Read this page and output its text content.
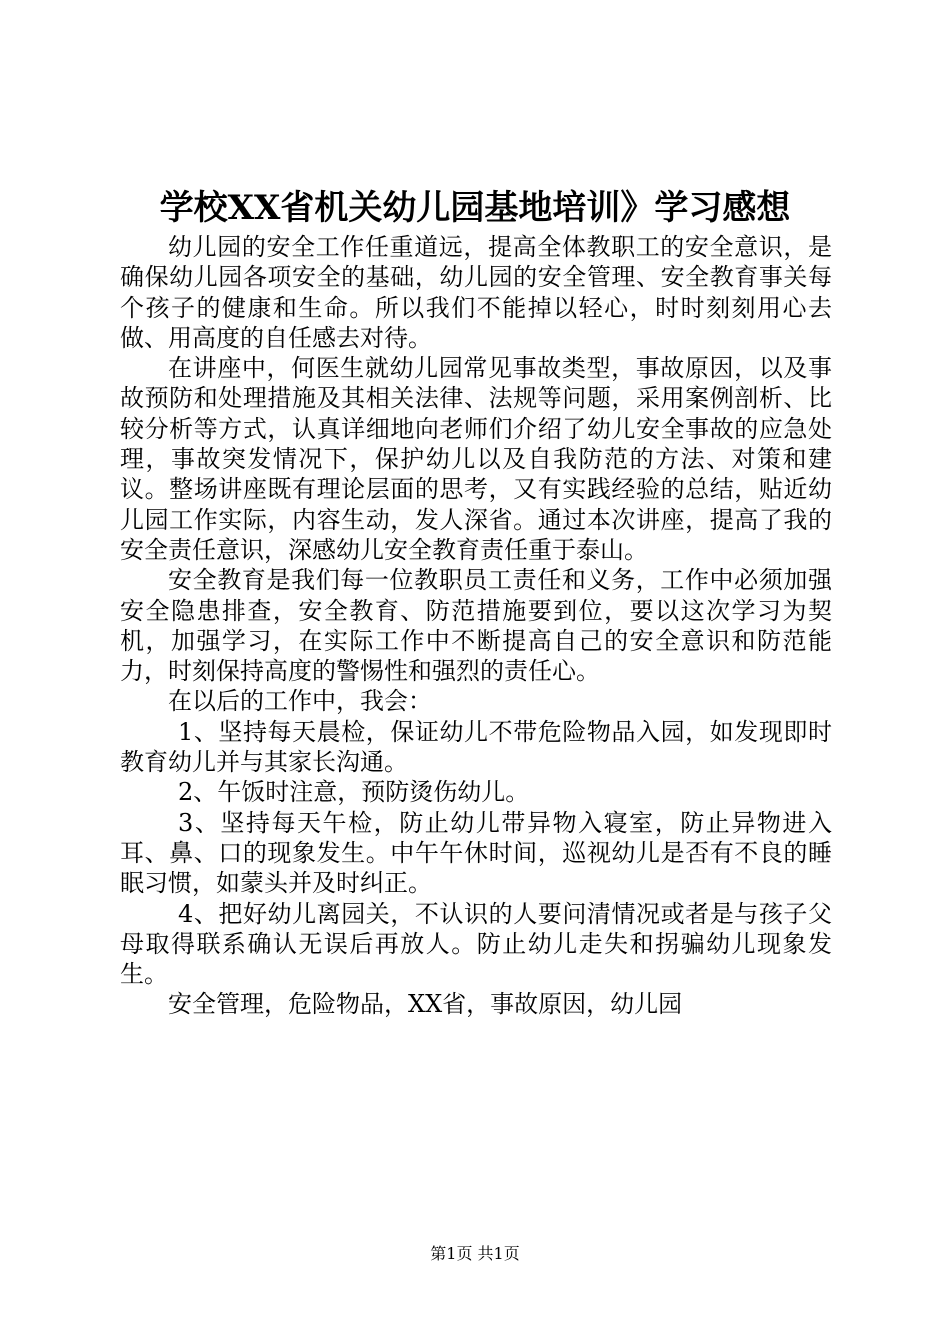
学校XX省机关幼儿园基地培训》学习感想

幼儿园的安全工作任重道远，提高全体教职工的安全意识，是确保幼儿园各项安全的基础，幼儿园的安全管理、安全教育事关每个孩子的健康和生命。所以我们不能掉以轻心，时时刻刻用心去做、用高度的自任感去对待。

在讲座中，何医生就幼儿园常见事故类型，事故原因，以及事故预防和处理措施及其相关法律、法规等问题，采用案例剖析、比较分析等方式，认真详细地向老师们介绍了幼儿安全事故的应急处理，事故突发情况下，保护幼儿以及自我防范的方法、对策和建议。整场讲座既有理论层面的思考，又有实践经验的总结，贴近幼儿园工作实际，内容生动，发人深省。通过本次讲座，提高了我的安全责任意识，深感幼儿安全教育责任重于泰山。

安全教育是我们每一位教职员工责任和义务，工作中必须加强安全隐患排查，安全教育、防范措施要到位，要以这次学习为契机，加强学习，在实际工作中不断提高自己的安全意识和防范能力，时刻保持高度的警惕性和强烈的责任心。

在以后的工作中，我会：

1、坚持每天晨检，保证幼儿不带危险物品入园，如发现即时教育幼儿并与其家长沟通。

2、午饭时注意，预防烫伤幼儿。

3、坚持每天午检，防止幼儿带异物入寝室，防止异物进入耳、鼻、口的现象发生。中午午休时间，巡视幼儿是否有不良的睡眠习惯，如蒙头并及时纠正。

4、把好幼儿离园关，不认识的人要问清情况或者是与孩子父母取得联系确认无误后再放人。防止幼儿走失和拐骗幼儿现象发生。

安全管理，危险物品，XX省，事故原因，幼儿园

第1页 共1页
